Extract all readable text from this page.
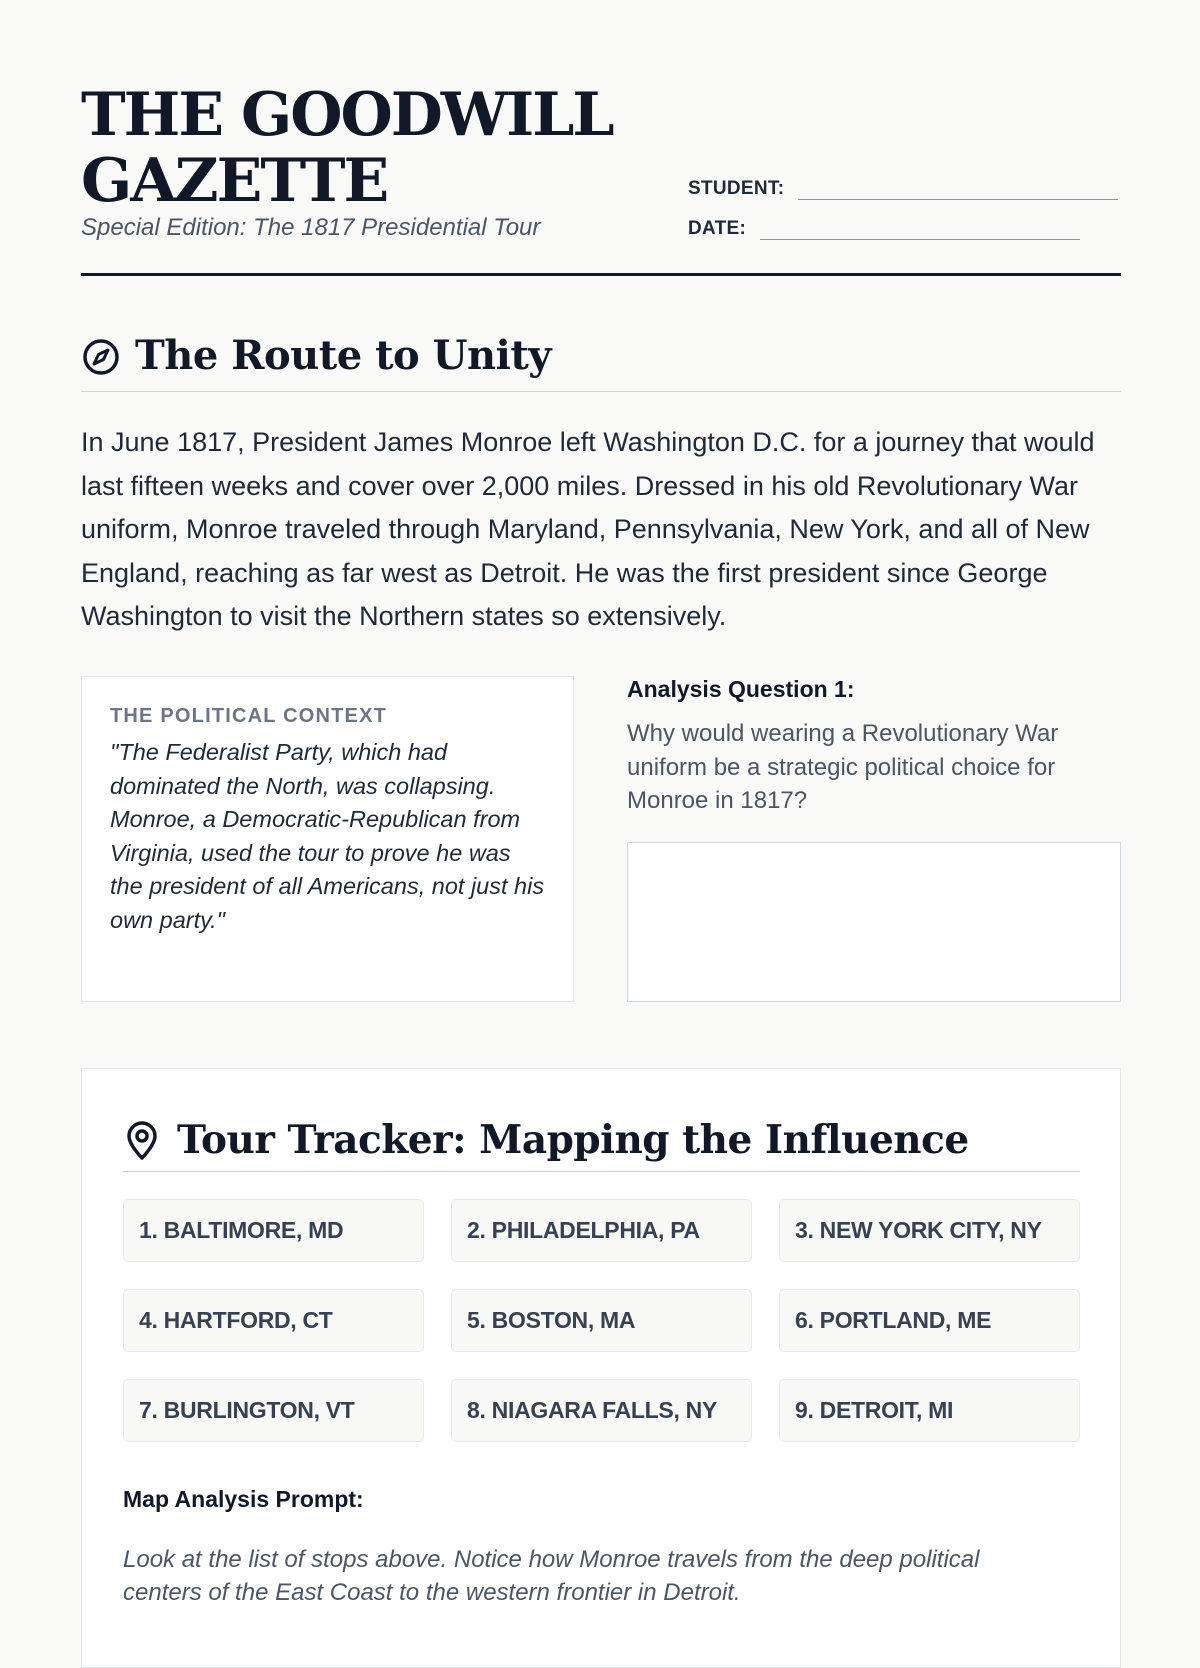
THE GOODWILL
GAZETTE
Special Edition: The 1817 Presidential Tour
STUDENT:
DATE:
The Route to Unity

In June 1817, President James Monroe left Washington D.C. for a journey that would last fifteen weeks and cover over 2,000 miles. Dressed in his old Revolutionary War uniform, Monroe traveled through Maryland, Pennsylvania, New York, and all of New England, reaching as far west as Detroit. He was the first president since George Washington to visit the Northern states so extensively.

THE POLITICAL CONTEXT

"The Federalist Party, which had dominated the North, was collapsing. Monroe, a Democratic-Republican from Virginia, used the tour to prove he was the president of all Americans, not just his own party."

Analysis Question 1:
Why would wearing a Revolutionary War uniform be a strategic political choice for Monroe in 1817?
Tour Tracker: Mapping the Influence
1. BALTIMORE, MD	2. PHILADELPHIA, PA	3. NEW YORK CITY, NY
4. HARTFORD, CT	5. BOSTON, MA	6. PORTLAND, ME
7. BURLINGTON, VT	8. NIAGARA FALLS, NY	9. DETROIT, MI
Map Analysis Prompt:

Look at the list of stops above. Notice how Monroe travels from the deep political centers of the East Coast to the western frontier in Detroit.
